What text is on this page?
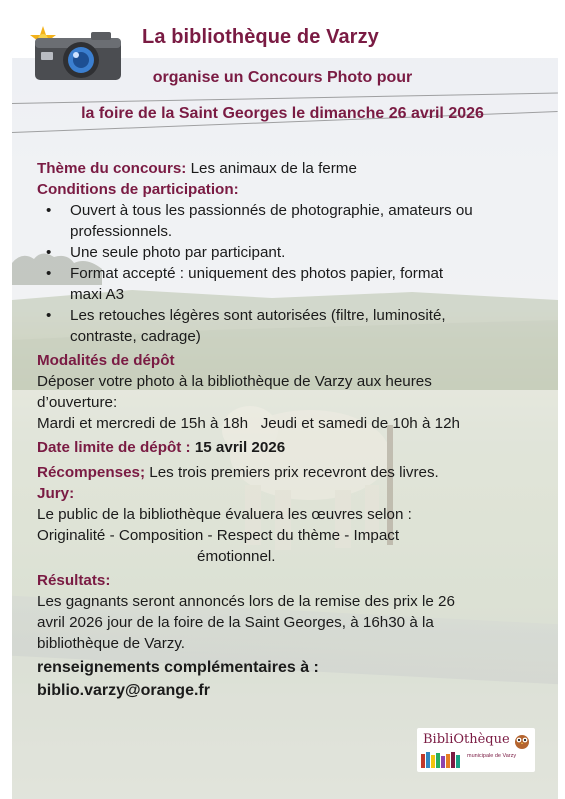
La bibliothèque de Varzy
organise un Concours Photo pour
la foire de la Saint Georges le dimanche 26 avril 2026
Thème du concours: Les animaux de la ferme
Conditions de participation:
• Ouvert à tous les passionnés de photographie, amateurs ou
professionnels.
• Une seule photo par participant.
• Format accepté : uniquement des photos papier, format
maxi A3
• Les retouches légères sont autorisées (filtre, luminosité,
contraste, cadrage)
Modalités de dépôt
Déposer votre photo à la bibliothèque de Varzy aux heures
d’ouverture:
Mardi et mercredi de 15h à 18h   Jeudi et samedi de 10h à 12h
Date limite de dépôt : 15 avril 2026
Récompenses; Les trois premiers prix recevront des livres.
Jury:
Le public de la bibliothèque évaluera les œuvres selon :
Originalité - Composition - Respect du thème - Impact
émotionnel.
Résultats:
Les gagnants seront annoncés lors de la remise des prix le 26
avril 2026 jour de la foire de la Saint Georges, à 16h30 à la
bibliothèque de Varzy.
renseignements complémentaires à :
biblio.varzy@orange.fr
BibliOthèque
municipale de Varzy
